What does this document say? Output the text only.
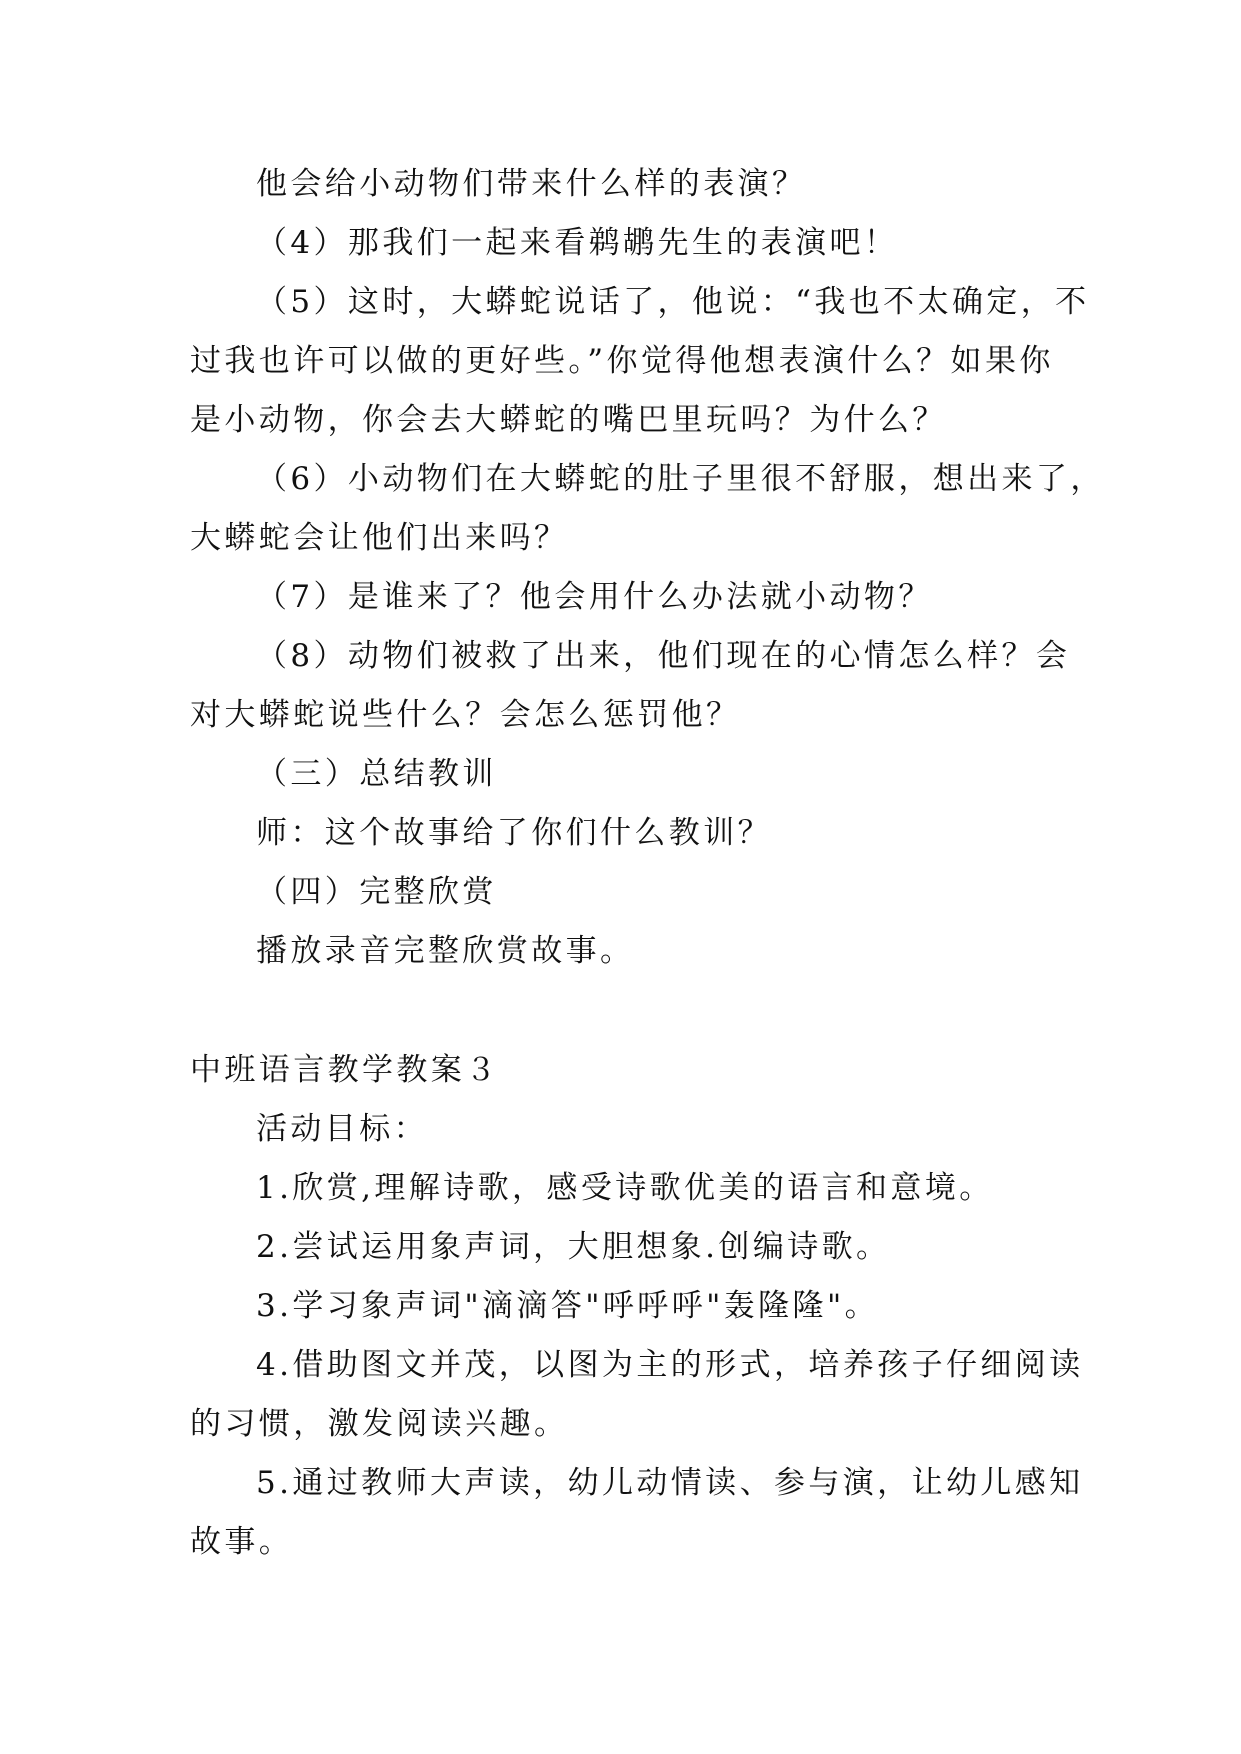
他会给小动物们带来什么样的表演？
（4）那我们一起来看鹈鹕先生的表演吧！
（5）这时，大蟒蛇说话了，他说：“我也不太确定，不
过我也许可以做的更好些。”你觉得他想表演什么？如果你
是小动物，你会去大蟒蛇的嘴巴里玩吗？为什么？
（6）小动物们在大蟒蛇的肚子里很不舒服，想出来了，
大蟒蛇会让他们出来吗？
（7）是谁来了？他会用什么办法就小动物？
（8）动物们被救了出来，他们现在的心情怎么样？会
对大蟒蛇说些什么？会怎么惩罚他？
（三）总结教训
师：这个故事给了你们什么教训？
（四）完整欣赏
播放录音完整欣赏故事。
中班语言教学教案３
活动目标：
1.欣赏,理解诗歌，感受诗歌优美的语言和意境。
2.尝试运用象声词，大胆想象.创编诗歌。
3.学习象声词"滴滴答"呼呼呼"轰隆隆"。
4.借助图文并茂，以图为主的形式，培养孩子仔细阅读
的习惯，激发阅读兴趣。
5.通过教师大声读，幼儿动情读、参与演，让幼儿感知
故事。
